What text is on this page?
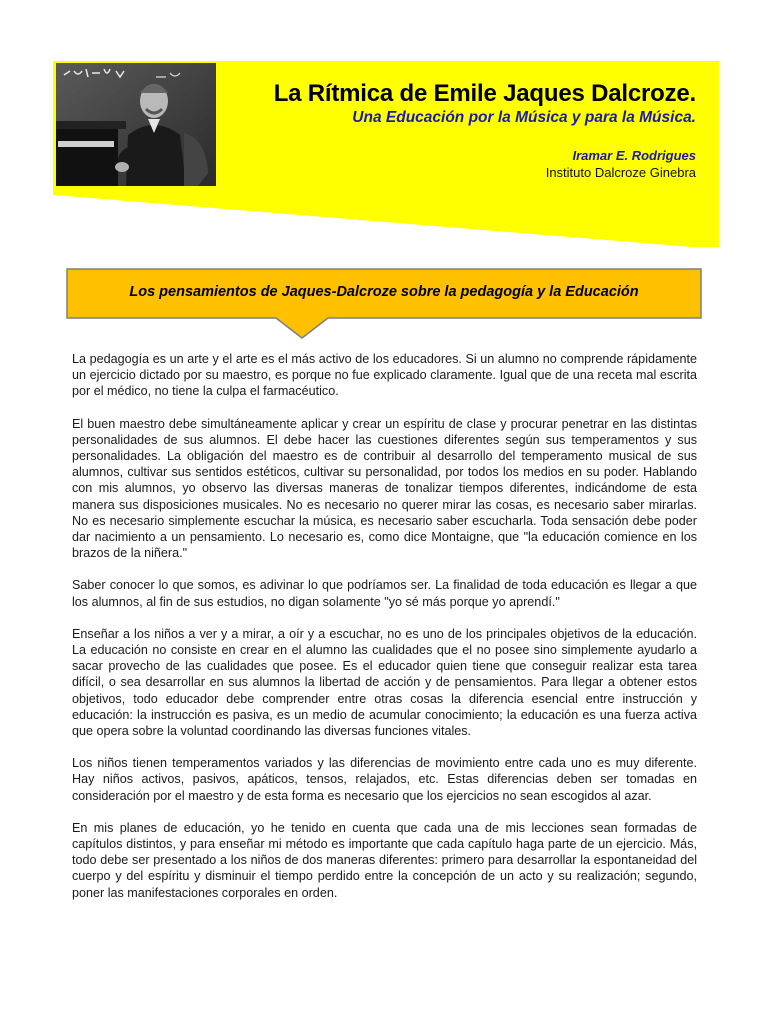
La Rítmica de Emile Jaques Dalcroze.
Una Educación por la Música y para la Música.
Iramar E. Rodrigues
Instituto Dalcroze Ginebra
Los pensamientos de Jaques-Dalcroze sobre la pedagogía y la Educación

La pedagogía es un arte y el arte es el más activo de los educadores. Si un alumno no comprende rápidamente un ejercicio dictado por su maestro, es porque no fue explicado claramente. Igual que de una receta mal escrita por el médico, no tiene la culpa el farmacéutico.

El buen maestro debe simultáneamente aplicar y crear un espíritu de clase y procurar penetrar en las distintas personalidades de sus alumnos. El debe hacer las cuestiones diferentes según sus temperamentos y sus personalidades. La obligación del maestro es de contribuir al desarrollo del temperamento musical de sus alumnos, cultivar sus sentidos estéticos, cultivar su personalidad, por todos los medios en su poder. Hablando con mis alumnos, yo observo las diversas maneras de tonalizar tiempos diferentes, indicándome de esta manera sus disposiciones musicales. No es necesario no querer mirar las cosas, es necesario saber mirarlas. No es necesario simplemente escuchar la música, es necesario saber escucharla. Toda sensación debe poder dar nacimiento a un pensamiento. Lo necesario es, como dice Montaigne, que "la educación comience en los brazos de la niñera."

Saber conocer lo que somos, es adivinar lo que podríamos ser. La finalidad de toda educación es llegar a que los alumnos, al fin de sus estudios, no digan solamente "yo sé más porque yo aprendí."

Enseñar a los niños a ver y a mirar, a oír y a escuchar, no es uno de los principales objetivos de la educación. La educación no consiste en crear en el alumno las cualidades que el no posee sino simplemente ayudarlo a sacar provecho de las cualidades que posee. Es el educador quien tiene que conseguir realizar esta tarea difícil, o sea desarrollar en sus alumnos la libertad de acción y de pensamientos. Para llegar a obtener estos objetivos, todo educador debe comprender entre otras cosas la diferencia esencial entre instrucción y educación: la instrucción es pasiva, es un medio de acumular conocimiento; la educación es una fuerza activa que opera sobre la voluntad coordinando las diversas funciones vitales.

Los niños tienen temperamentos variados y las diferencias de movimiento entre cada uno es muy diferente. Hay niños activos, pasivos, apáticos, tensos, relajados, etc. Estas diferencias deben ser tomadas en consideración por el maestro y de esta forma es necesario que los ejercicios no sean escogidos al azar.

En mis planes de educación, yo he tenido en cuenta que cada una de mis lecciones sean formadas de capítulos distintos, y para enseñar mi método es importante que cada capítulo haga parte de un ejercicio. Más, todo debe ser presentado a los niños de dos maneras diferentes: primero para desarrollar la espontaneidad del cuerpo y del espíritu y disminuir el tiempo perdido entre la concepción de un acto y su realización; segundo, poner las manifestaciones corporales en orden.
